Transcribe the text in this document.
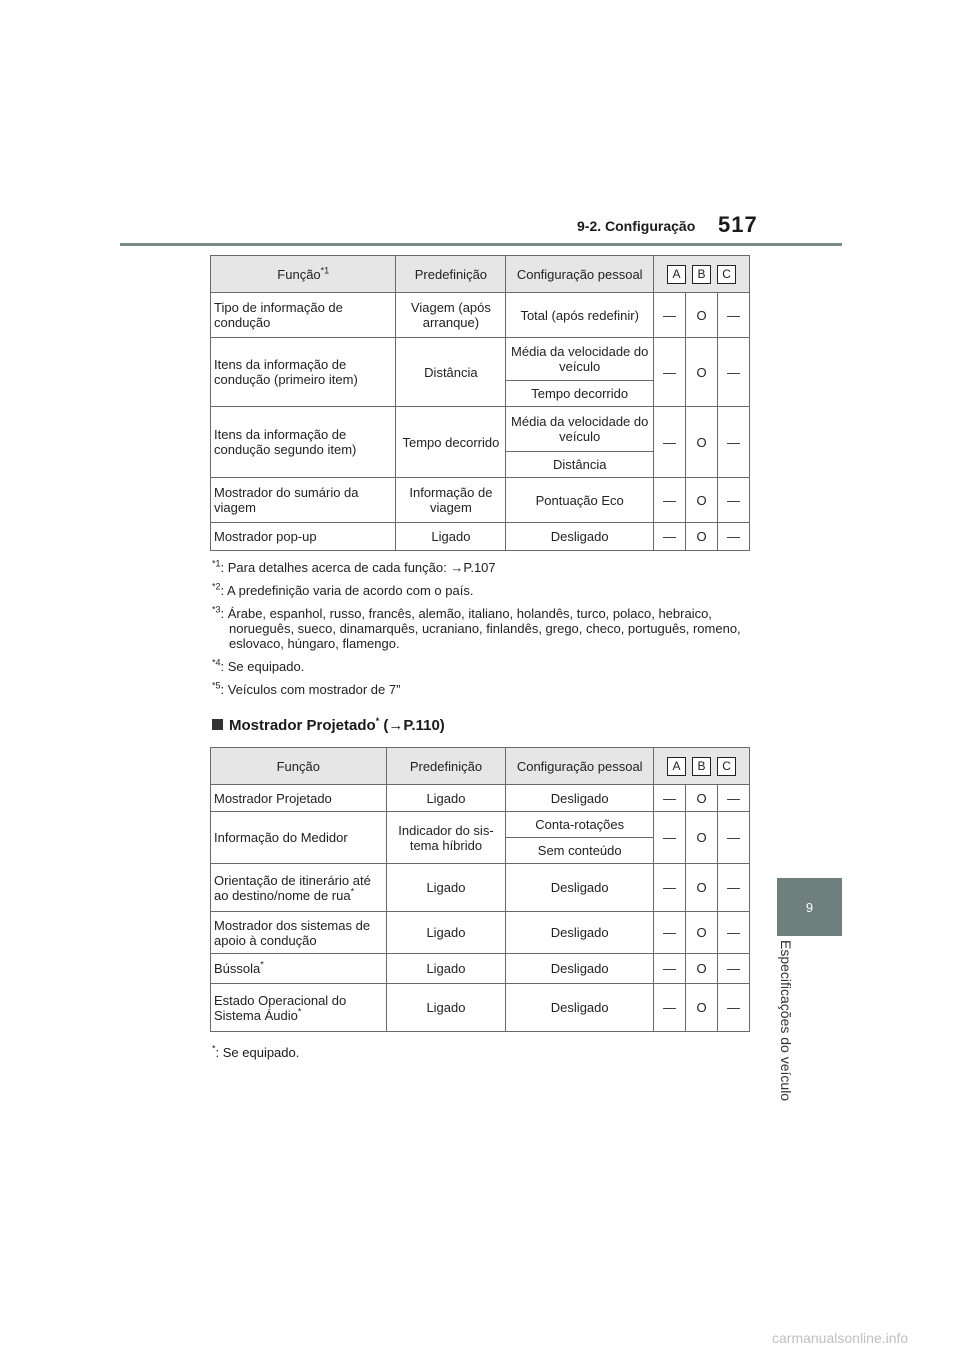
9-2. Configuração 517
9
Especificações do veículo
Função$^{*1}$	Predefinição	Configuração pessoal	A B C		

Tipo de informação de condução	Viagem (após arranque)	Total (após redefinir)	—	O	—
Itens da informação de condução (primeiro item)	Distância	Média da velocidade do veículo	—	O	—
		Tempo decorrido			
Itens da informação de condução segundo item)	Tempo decorrido	Média da velocidade do veículo	—	O	—
		Distância			
Mostrador do sumário da viagem	Informação de viagem	Pontuação Eco	—	O	—
Mostrador pop-up	Ligado	Desligado	—	O	—
$^{*1}$: Para detalhes acerca de cada função: →P.107
$^{*2}$: A predefinição varia de acordo com o país.
$^{*3}$: Árabe, espanhol, russo, francês, alemão, italiano, holandês, turco, polaco, hebraico, norueguês, sueco, dinamarquês, ucraniano, finlandês, grego, checo, português, romeno, eslovaco, húngaro, flamengo.
$^{*4}$: Se equipado.
$^{*5}$: Veículos com mostrador de 7”
Mostrador Projetado* (→P.110)
Função	Predefinição	Configuração pessoal	A B C		

Mostrador Projetado	Ligado	Desligado	—	O	—
Informação do Medidor	Indicador do sis-tema híbrido	Conta-rotações	—	O	—
		Sem conteúdo			
Orientação de itinerário até ao destino/nome de rua*	Ligado	Desligado	—	O	—
Mostrador dos sistemas de apoio à condução	Ligado	Desligado	—	O	—
Bússola*	Ligado	Desligado	—	O	—
Estado Operacional do Sistema Áudio*	Ligado	Desligado	—	O	—
*: Se equipado.
carmanualsonline.info
